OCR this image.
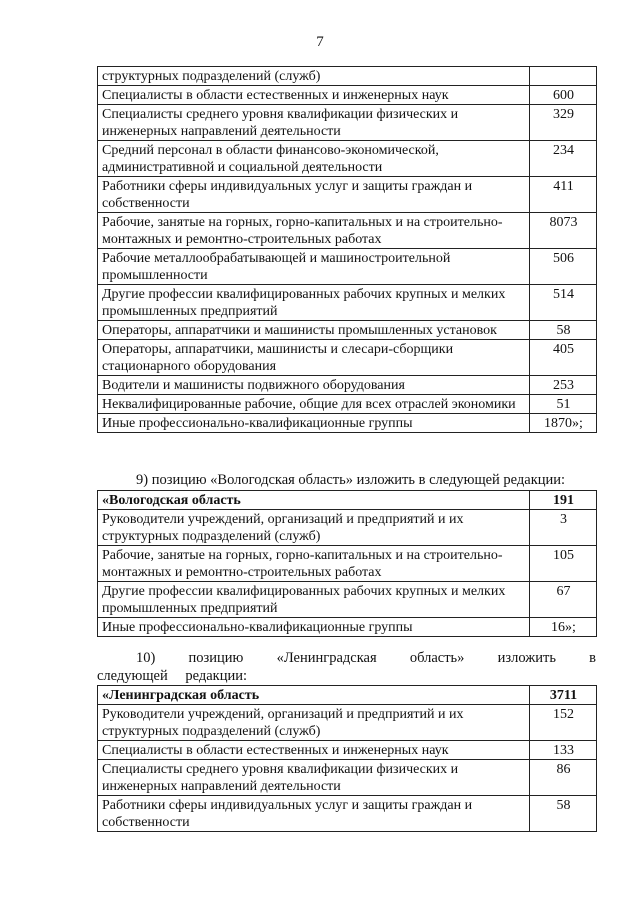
7
структурных подразделений (служб)	
Специалисты в области естественных и инженерных наук	600
Специалисты среднего уровня квалификации физических и инженерных направлений деятельности	329
Средний персонал в области финансово-экономической, административной и социальной деятельности	234
Работники сферы индивидуальных услуг и защиты граждан и собственности	411
Рабочие, занятые на горных, горно-капитальных и на строительно-монтажных и ремонтно-строительных работах	8073
Рабочие металлообрабатывающей и машиностроительной промышленности	506
Другие профессии квалифицированных рабочих крупных и мелких промышленных предприятий	514
Операторы, аппаратчики и машинисты промышленных установок	58
Операторы, аппаратчики, машинисты и слесари-сборщики стационарного оборудования	405
Водители и машинисты подвижного оборудования	253
Неквалифицированные рабочие, общие для всех отраслей экономики	51
Иные профессионально-квалификационные группы	1870»;
9) позицию «Вологодская область» изложить в следующей редакции:
«Вологодская область	191
Руководители учреждений, организаций и предприятий и их структурных подразделений (служб)	3
Рабочие, занятые на горных, горно-капитальных и на строительно-монтажных и ремонтно-строительных работах	105
Другие профессии квалифицированных рабочих крупных и мелких промышленных предприятий	67
Иные профессионально-квалификационные группы	16»;
10) позицию «Ленинградская область» изложить в следующей редакции:
«Ленинградская область	3711
Руководители учреждений, организаций и предприятий и их структурных подразделений (служб)	152
Специалисты в области естественных и инженерных наук	133
Специалисты среднего уровня квалификации физических и инженерных направлений деятельности	86
Работники сферы индивидуальных услуг и защиты граждан и собственности	58
